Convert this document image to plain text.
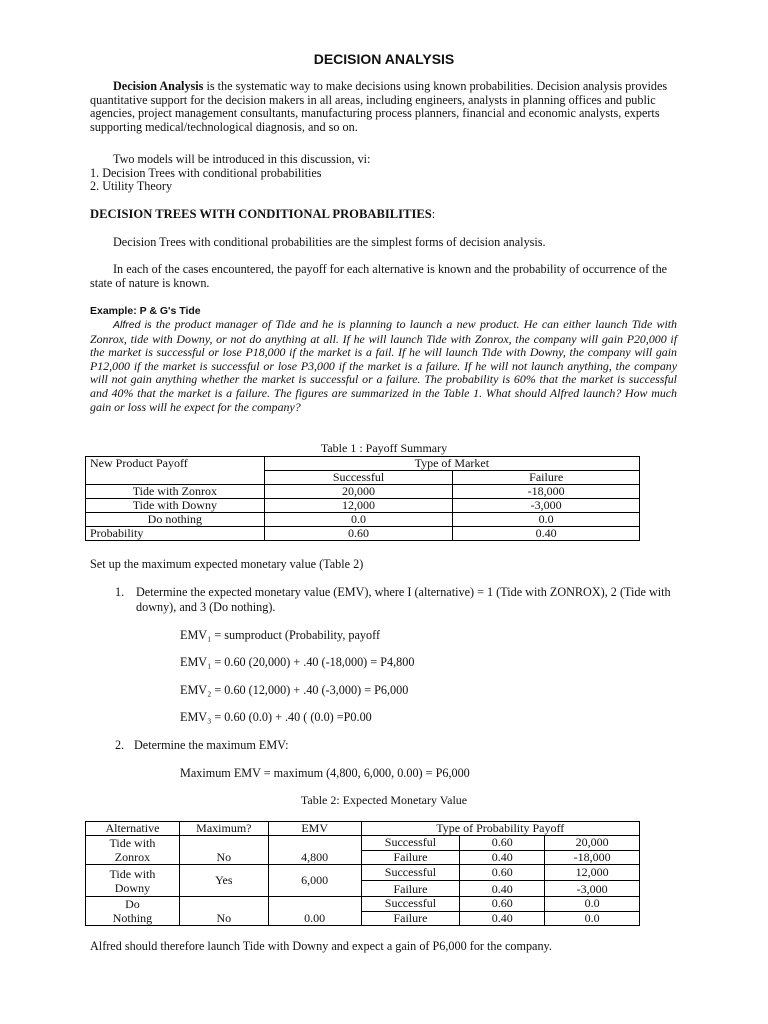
DECISION ANALYSIS
Decision Analysis is the systematic way to make decisions using known probabilities. Decision analysis provides quantitative support for the decision makers in all areas, including engineers, analysts in planning offices and public agencies, project management consultants, manufacturing process planners, financial and economic analysts, experts supporting medical/technological diagnosis, and so on.
Two models will be introduced in this discussion, vi:
1. Decision Trees with conditional probabilities
2. Utility Theory
DECISION TREES WITH CONDITIONAL PROBABILITIES:
Decision Trees with conditional probabilities are the simplest forms of decision analysis.
In each of the cases encountered, the payoff for each alternative is known and the probability of occurrence of the state of nature is known.
Example: P & G's Tide
Alfred is the product manager of Tide and he is planning to launch a new product. He can either launch Tide with Zonrox, tide with Downy, or not do anything at all. If he will launch Tide with Zonrox, the company will gain P20,000 if the market is successful or lose P18,000 if the market is a fail. If he will launch Tide with Downy, the company will gain P12,000 if the market is successful or lose P3,000 if the market is a failure. If he will not launch anything, the company will not gain anything whether the market is successful or a failure. The probability is 60% that the market is successful and 40% that the market is a failure. The figures are summarized in the Table 1. What should Alfred launch? How much gain or loss will he expect for the company?
Table 1 : Payoff Summary
New Product Payoff	Type of Market	
	Successful	Failure
Tide with Zonrox	20,000	-18,000
Tide with Downy	12,000	-3,000
Do nothing	0.0	0.0
Probability	0.60	0.40
Set up the maximum expected monetary value (Table 2)
1. Determine the expected monetary value (EMV), where I (alternative) = 1 (Tide with ZONROX), 2 (Tide with downy), and 3 (Do nothing).
EMV₁ = sumproduct (Probability, payoff
EMV₁ = 0.60 (20,000) + .40 (-18,000) = P4,800
EMV₂ = 0.60 (12,000) + .40 (-3,000) = P6,000
EMV₃ = 0.60 (0.0) + .40 ( (0.0) =P0.00
2. Determine the maximum EMV:
Maximum EMV = maximum (4,800, 6,000, 0.00) = P6,000
Table 2: Expected Monetary Value
Alternative	Maximum?	EMV	Type of Probability Payoff		
Tide with
Zonrox	No	4,800	Successful	0.60	20,000
			Failure	0.40	-18,000
Tide with
Downy	Yes	6,000	Successful	0.60	12,000
			Failure	0.40	-3,000
Do
Nothing	No	0.00	Successful	0.60	0.0
			Failure	0.40	0.0
Alfred should therefore launch Tide with Downy and expect a gain of P6,000 for the company.
